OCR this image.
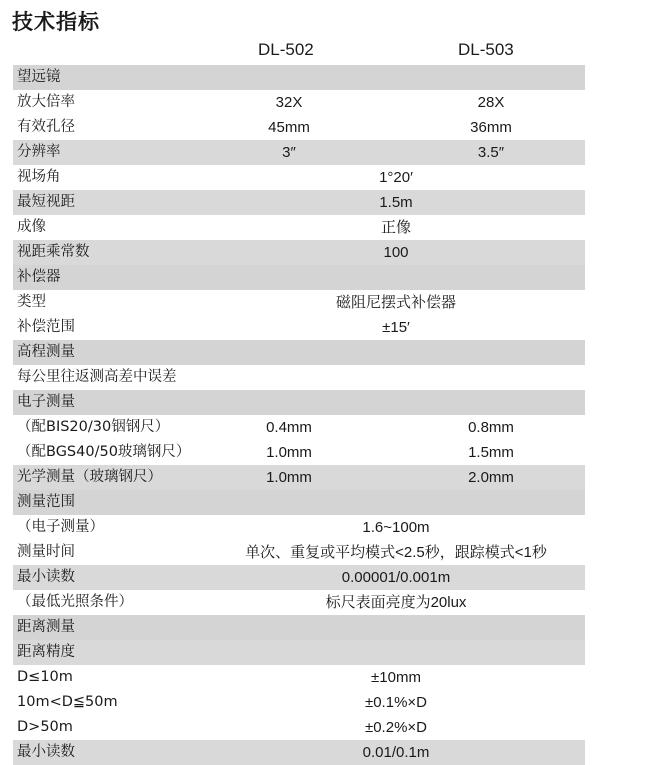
技术指标
DL-502	DL-503
望远镜
放大倍率	32X	28X
有效孔径	45mm	36mm
分辨率	3″	3.5″
视场角	1°20′
最短视距	1.5m
成像	正像
视距乘常数	100
补偿器
类型	磁阻尼摆式补偿器
补偿范围	±15′
高程测量
每公里往返测高差中误差
电子测量
（配BIS20/30铟钢尺）	0.4mm	0.8mm
（配BGS40/50玻璃钢尺）	1.0mm	1.5mm
光学测量（玻璃钢尺）	1.0mm	2.0mm
测量范围
（电子测量）	1.6~100m
测量时间	单次、重复或平均模式<2.5秒，跟踪模式<1秒
最小读数	0.00001/0.001m
（最低光照条件）	标尺表面亮度为20lux
距离测量
距离精度
D≤10m	±10mm
10m<D≦50m	±0.1%×D
D>50m	±0.2%×D
最小读数	0.01/0.1m
